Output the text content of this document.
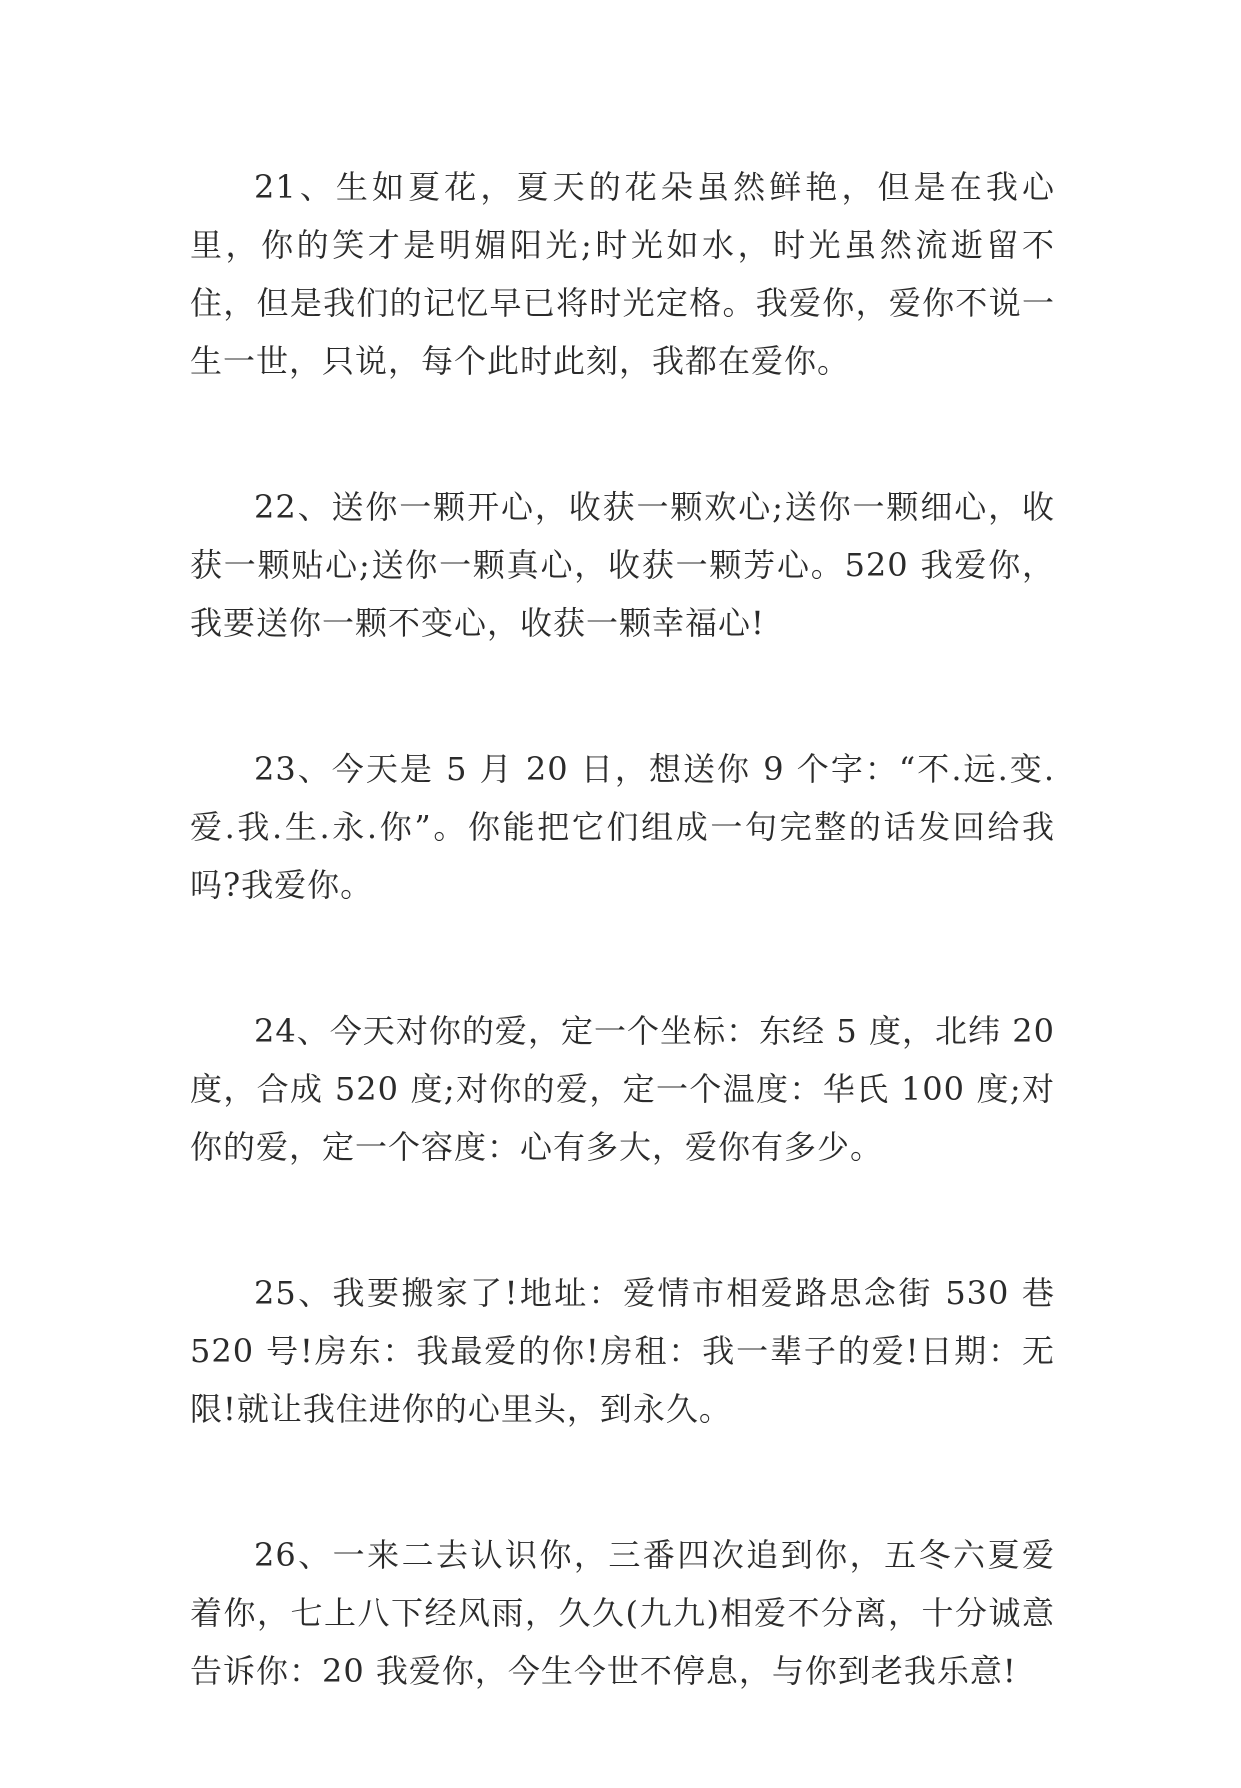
21、生如夏花，夏天的花朵虽然鲜艳，但是在我心里，你的笑才是明媚阳光;时光如水，时光虽然流逝留不住，但是我们的记忆早已将时光定格。我爱你，爱你不说一生一世，只说，每个此时此刻，我都在爱你。

22、送你一颗开心，收获一颗欢心;送你一颗细心，收获一颗贴心;送你一颗真心，收获一颗芳心。520 我爱你，我要送你一颗不变心，收获一颗幸福心!

23、今天是 5 月 20 日，想送你 9 个字：“不.远.变.爱.我.生.永.你”。你能把它们组成一句完整的话发回给我吗?我爱你。

24、今天对你的爱，定一个坐标：东经 5 度，北纬 20 度，合成 520 度;对你的爱，定一个温度：华氏 100 度;对你的爱，定一个容度：心有多大，爱你有多少。

25、我要搬家了!地址：爱情市相爱路思念街 530 巷 520 号!房东：我最爱的你!房租：我一辈子的爱!日期：无限!就让我住进你的心里头，到永久。

26、一来二去认识你，三番四次追到你，五冬六夏爱着你，七上八下经风雨，久久(九九)相爱不分离，十分诚意告诉你：20 我爱你，今生今世不停息，与你到老我乐意!
